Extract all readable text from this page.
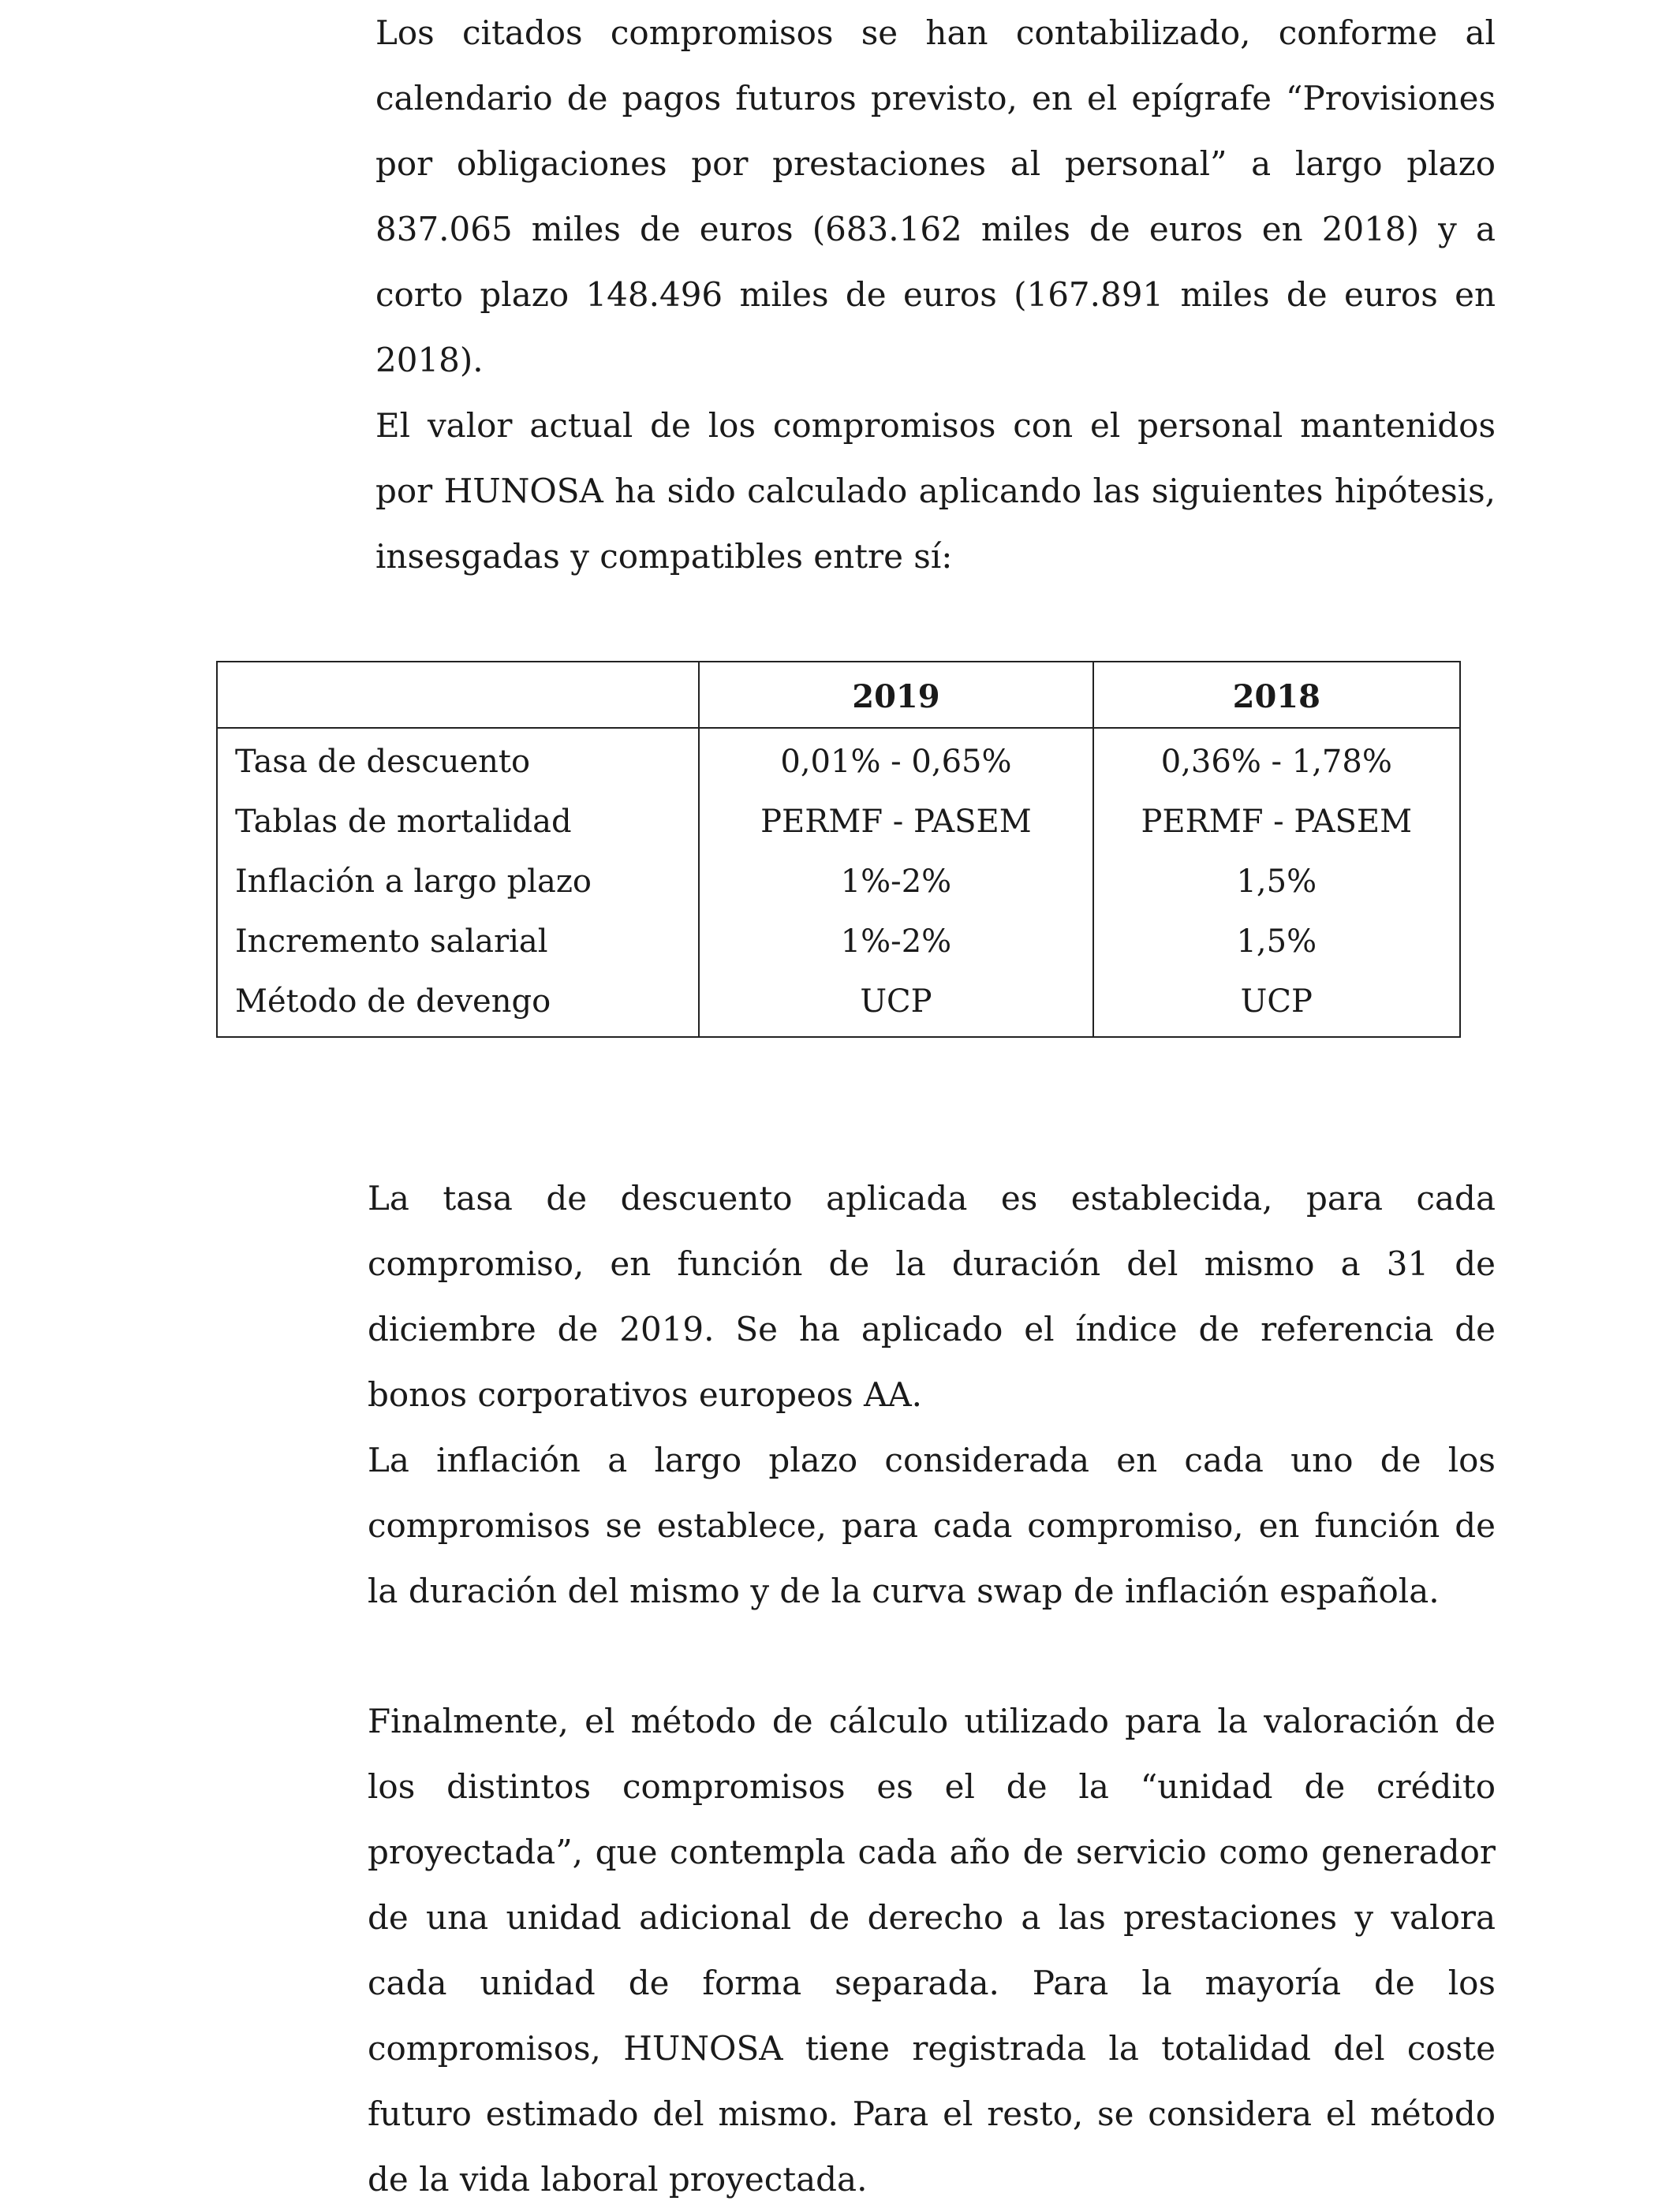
Los citados compromisos se han contabilizado, conforme al calendario de pagos futuros previsto, en el epígrafe “Provisiones por obligaciones por prestaciones al personal” a largo plazo 837.065 miles de euros (683.162 miles de euros en 2018) y a corto plazo 148.496 miles de euros (167.891 miles de euros en 2018).

El valor actual de los compromisos con el personal mantenidos por HUNOSA ha sido calculado aplicando las siguientes hipótesis, insesgadas y compatibles entre sí:

	2019	2018
Tasa de descuento	0,01% - 0,65%	0,36% - 1,78%
Tablas de mortalidad	PERMF - PASEM	PERMF - PASEM
Inflación a largo plazo	1%-2%	1,5%
Incremento salarial	1%-2%	1,5%
Método de devengo	UCP	UCP

La tasa de descuento aplicada es establecida, para cada compromiso, en función de la duración del mismo a 31 de diciembre de 2019. Se ha aplicado el índice de referencia de bonos corporativos europeos AA.

La inflación a largo plazo considerada en cada uno de los compromisos se establece, para cada compromiso, en función de la duración del mismo y de la curva swap de inflación española.

Finalmente, el método de cálculo utilizado para la valoración de los distintos compromisos es el de la “unidad de crédito proyectada”, que contempla cada año de servicio como generador de una unidad adicional de derecho a las prestaciones y valora cada unidad de forma separada. Para la mayoría de los compromisos, HUNOSA tiene registrada la totalidad del coste futuro estimado del mismo. Para el resto, se considera el método de la vida laboral proyectada.
